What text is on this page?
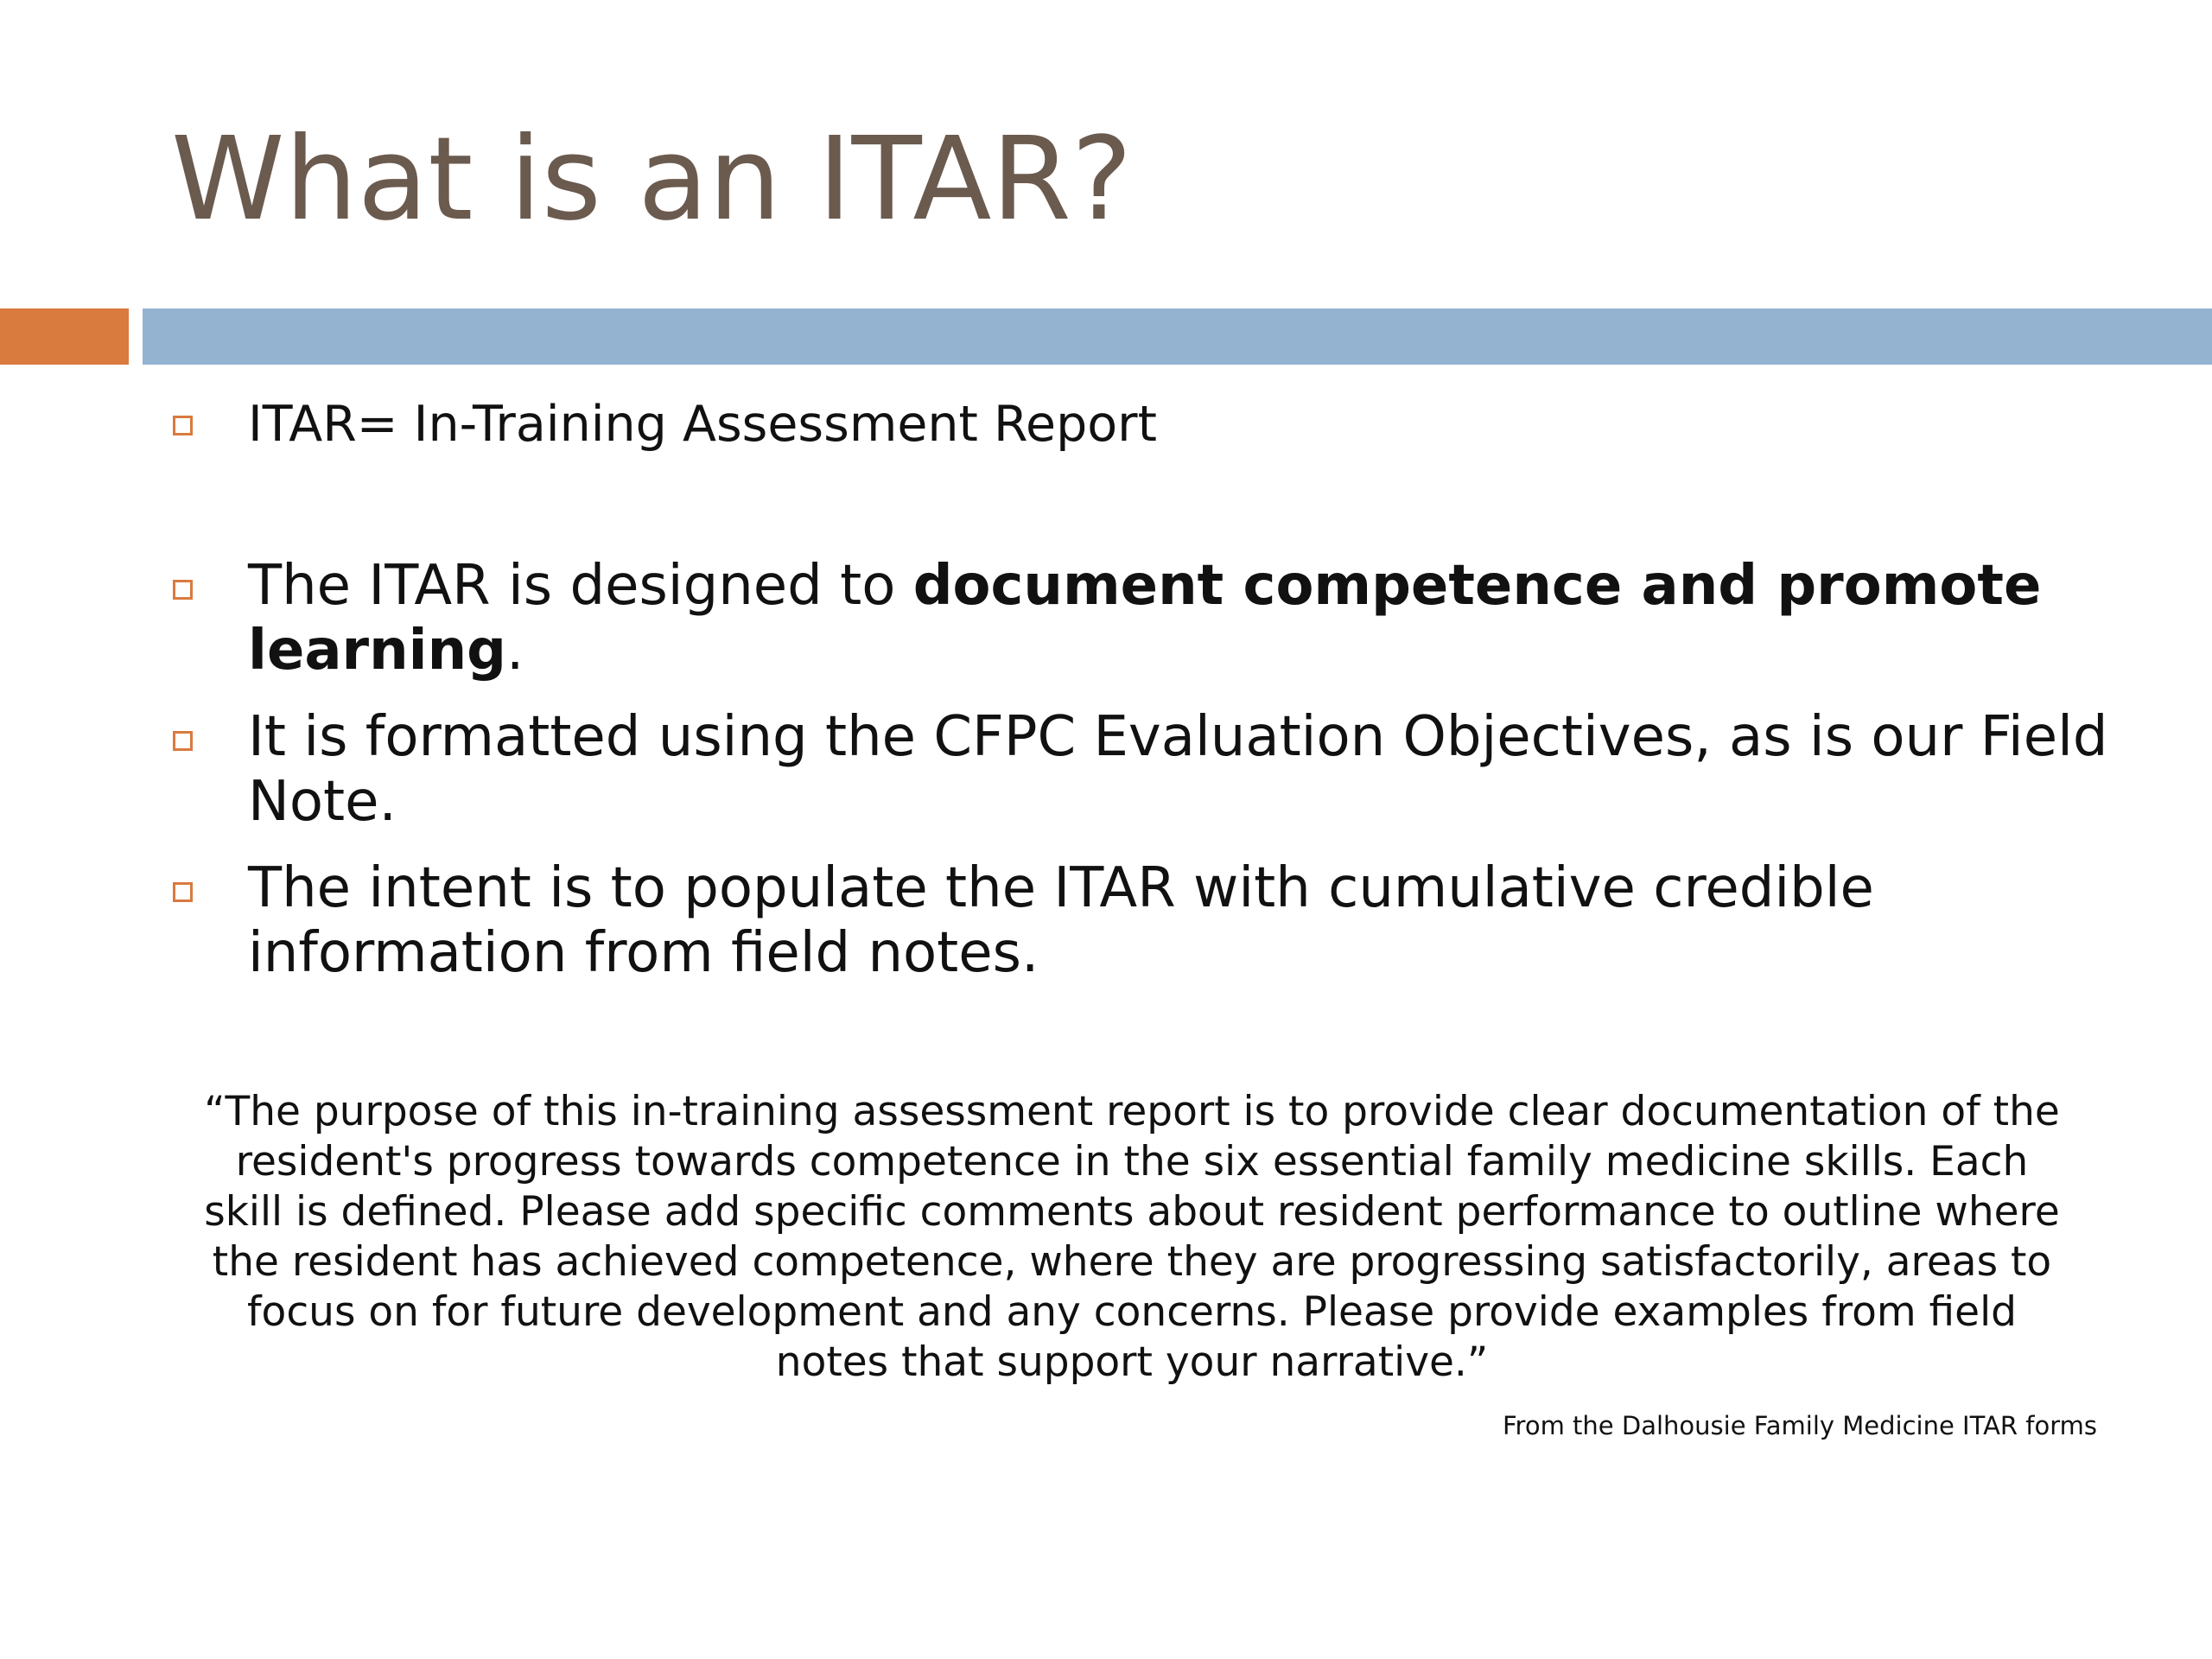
What is an ITAR?
ITAR= In-Training Assessment Report
The ITAR is designed to document competence and promote learning.
It is formatted using the CFPC Evaluation Objectives, as is our Field Note.
The intent is to populate the ITAR with cumulative credible information from field notes.

“The purpose of this in-training assessment report is to provide clear documentation of the resident's progress towards competence in the six essential family medicine skills. Each skill is defined. Please add specific comments about resident performance to outline where the resident has achieved competence, where they are progressing satisfactorily, areas to focus on for future development and any concerns. Please provide examples from field notes that support your narrative.”

From the Dalhousie Family Medicine ITAR forms
